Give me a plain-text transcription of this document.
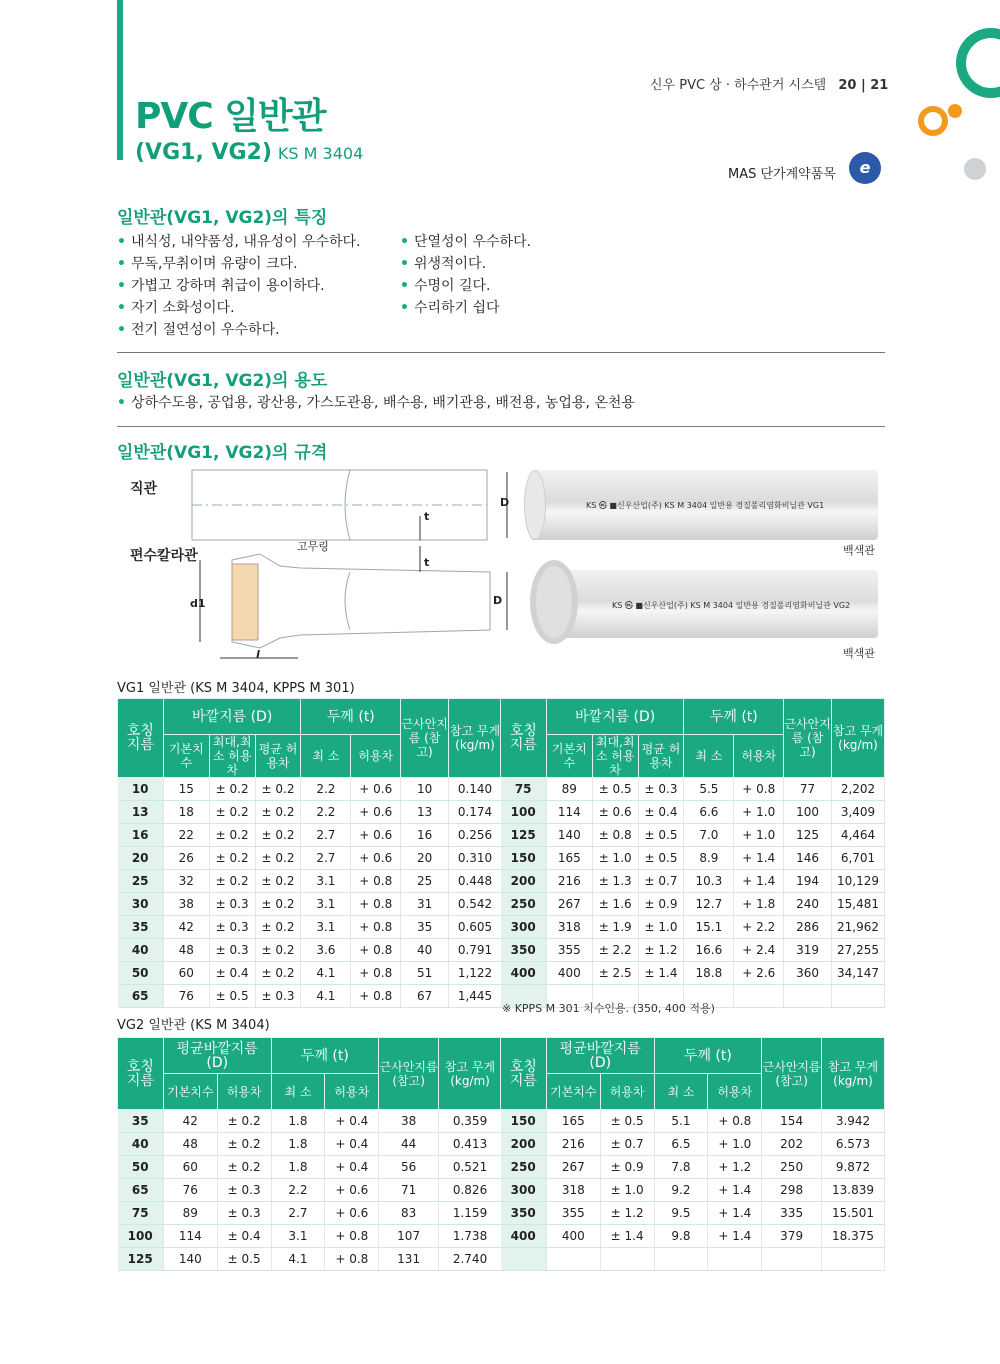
신우 PVC 상 · 하수관거 시스템 20 | 21
PVC 일반관
(VG1, VG2) KS M 3404
MAS 단가계약품목	e
일반관(VG1, VG2)의 특징
• 내식성, 내약품성, 내유성이 우수하다.
• 무독,무취이며 유량이 크다.
• 가볍고 강하며 취급이 용이하다.
• 자기 소화성이다.
• 전기 절연성이 우수하다.
• 단열성이 우수하다.
• 위생적이다.
• 수명이 길다.
• 수리하기 쉽다
일반관(VG1, VG2)의 용도
• 상하수도용, 공업용, 광산용, 가스도관용, 배수용, 배기관용, 배전용, 농업용, 온천용
일반관(VG1, VG2)의 규격
직관
편수칼라관
D
t
고무링
t
d1	D
l
KS ㉿ ■신우산업(주) KS M 3404 일반용 경질폴리염화비닐관 VG1
백색관
KS ㉿ ■신우산업(주) KS M 3404 일반용 경질폴리염화비닐관 VG2
백색관
VG1 일반관 (KS M 3404, KPPS M 301)
호칭 지름	바깥지름 (D)			두께 (t)		근사안지름 (참고)	참고 무게 (kg/m)
	기본치수	최대,최소 허용차	평균 허용차	최 소	허용차		
10	15	± 0.2	± 0.2	2.2	+ 0.6	10	0.140
13	18	± 0.2	± 0.2	2.2	+ 0.6	13	0.174
16	22	± 0.2	± 0.2	2.7	+ 0.6	16	0.256
20	26	± 0.2	± 0.2	2.7	+ 0.6	20	0.310
25	32	± 0.2	± 0.2	3.1	+ 0.8	25	0.448
30	38	± 0.3	± 0.2	3.1	+ 0.8	31	0.542
35	42	± 0.3	± 0.2	3.1	+ 0.8	35	0.605
40	48	± 0.3	± 0.2	3.6	+ 0.8	40	0.791
50	60	± 0.4	± 0.2	4.1	+ 0.8	51	1,122
65	76	± 0.5	± 0.3	4.1	+ 0.8	67	1,445
호칭 지름	바깥지름 (D)			두께 (t)		근사안지름 (참고)	참고 무게 (kg/m)
	기본치수	최대,최소 허용차	평균 허용차	최 소	허용차		
75	89	± 0.5	± 0.3	5.5	+ 0.8	77	2,202
100	114	± 0.6	± 0.4	6.6	+ 1.0	100	3,409
125	140	± 0.8	± 0.5	7.0	+ 1.0	125	4,464
150	165	± 1.0	± 0.5	8.9	+ 1.4	146	6,701
200	216	± 1.3	± 0.7	10.3	+ 1.4	194	10,129
250	267	± 1.6	± 0.9	12.7	+ 1.8	240	15,481
300	318	± 1.9	± 1.0	15.1	+ 2.2	286	21,962
350	355	± 2.2	± 1.2	16.6	+ 2.4	319	27,255
400	400	± 2.5	± 1.4	18.8	+ 2.6	360	34,147

※ KPPS M 301 치수인용. (350, 400 적용)
VG2 일반관 (KS M 3404)
호칭 지름	평균바깥지름 (D)		두께 (t)		근사안지름 (참고)	참고 무게 (kg/m)
	기본치수	허용차	최 소	허용차		
35	42	± 0.2	1.8	+ 0.4	38	0.359
40	48	± 0.2	1.8	+ 0.4	44	0.413
50	60	± 0.2	1.8	+ 0.4	56	0.521
65	76	± 0.3	2.2	+ 0.6	71	0.826
75	89	± 0.3	2.7	+ 0.6	83	1.159
100	114	± 0.4	3.1	+ 0.8	107	1.738
125	140	± 0.5	4.1	+ 0.8	131	2.740
호칭 지름	평균바깥지름 (D)		두께 (t)		근사안지름 (참고)	참고 무게 (kg/m)
	기본치수	허용차	최 소	허용차		
150	165	± 0.5	5.1	+ 0.8	154	3.942
200	216	± 0.7	6.5	+ 1.0	202	6.573
250	267	± 0.9	7.8	+ 1.2	250	9.872
300	318	± 1.0	9.2	+ 1.4	298	13.839
350	355	± 1.2	9.5	+ 1.4	335	15.501
400	400	± 1.4	9.8	+ 1.4	379	18.375
